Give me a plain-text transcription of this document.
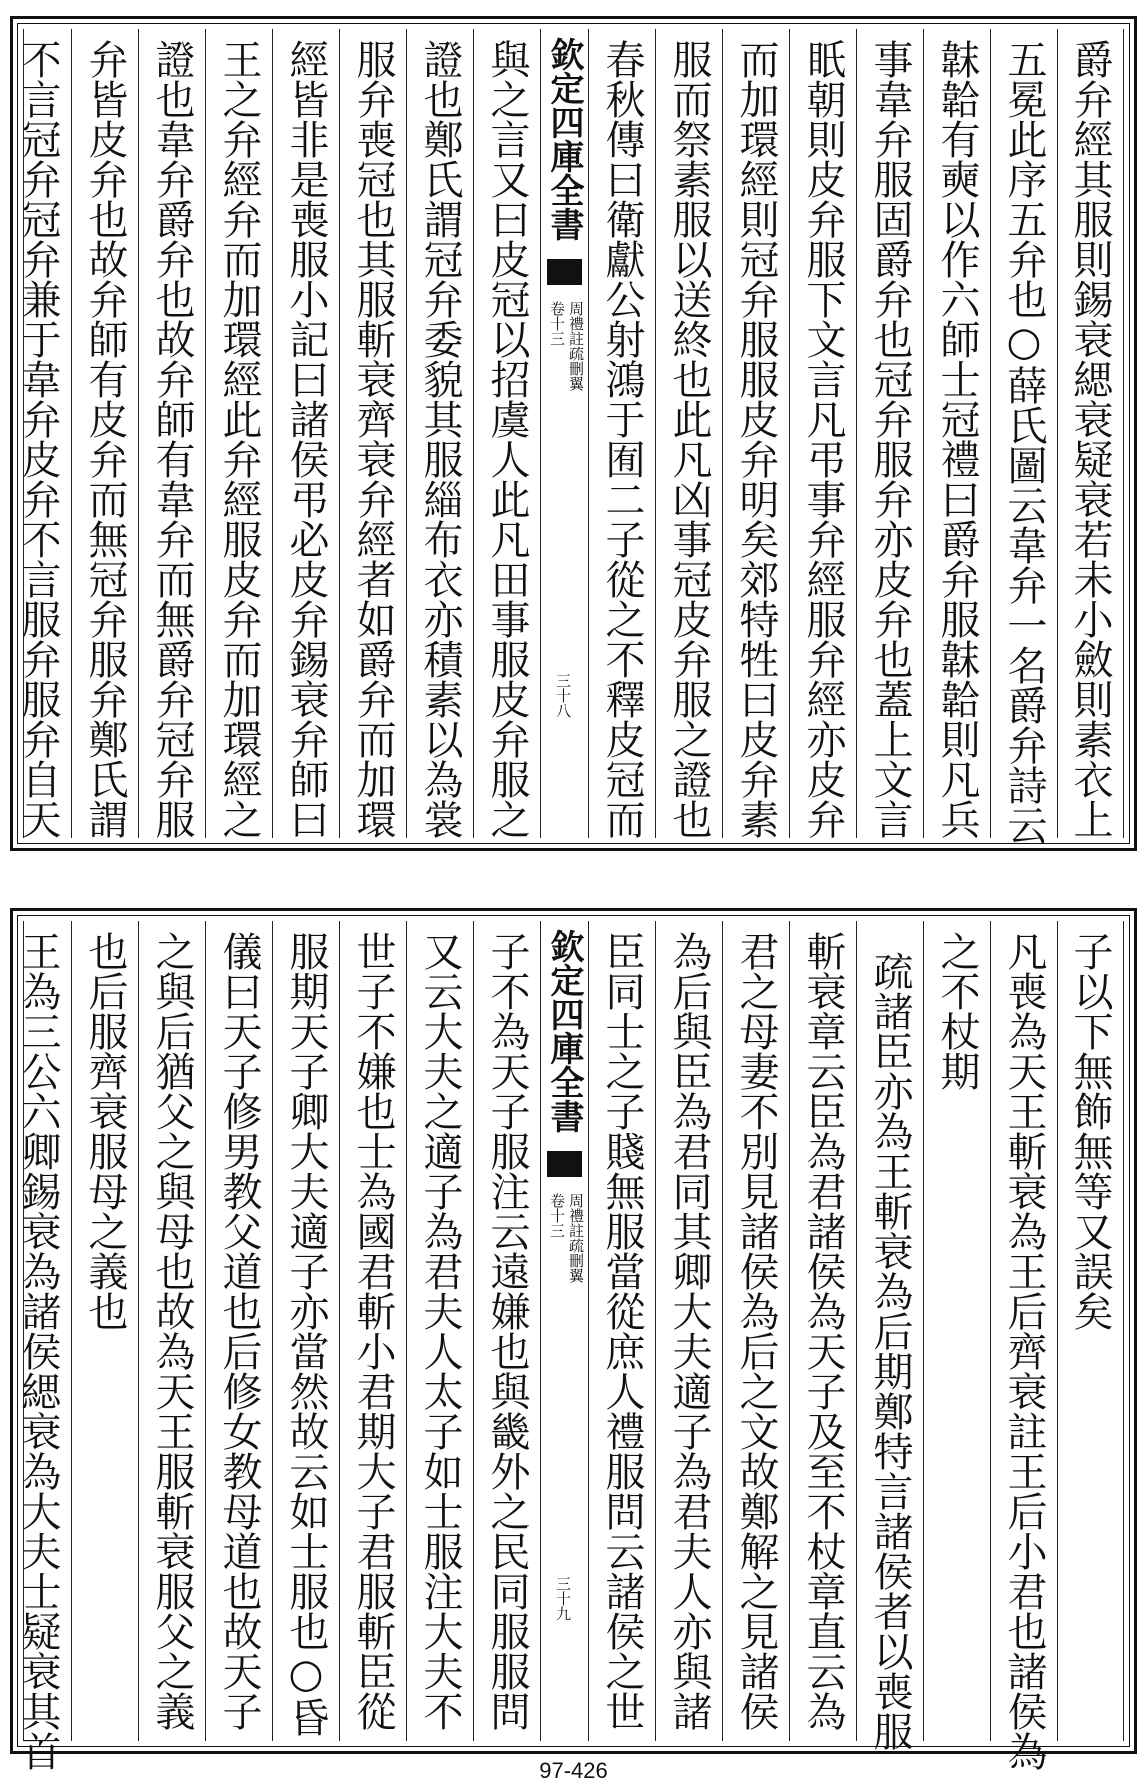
爵弁經其服則錫衰緦衰疑衰若未小斂則素衣上
五冕此序五弁也○薛氏圖云韋弁一名爵弁詩云
韎韐有奭以作六師士冠禮曰爵弁服韎韐則凡兵
事韋弁服固爵弁也冠弁服弁亦皮弁也蓋上文言
眂朝則皮弁服下文言凡弔事弁經服弁經亦皮弁
而加環經則冠弁服服皮弁明矣郊特牲曰皮弁素
服而祭素服以送終也此凡凶事冠皮弁服之證也
春秋傳曰衛獻公射鴻于囿二子從之不釋皮冠而
欽定四庫全書
周禮註疏刪翼
卷十三
三十八
與之言又曰皮冠以招虞人此凡田事服皮弁服之
證也鄭氏謂冠弁委貌其服緇布衣亦積素以為裳
服弁喪冠也其服斬衰齊衰弁經者如爵弁而加環
經皆非是喪服小記曰諸侯弔必皮弁錫衰弁師曰
王之弁經弁而加環經此弁經服皮弁而加環經之
證也韋弁爵弁也故弁師有韋弁而無爵弁冠弁服
弁皆皮弁也故弁師有皮弁而無冠弁服弁鄭氏謂
不言冠弁冠弁兼于韋弁皮弁不言服弁服弁自天
子以下無飾無等又誤矣
凡喪為天王斬衰為王后齊衰註王后小君也諸侯為
之不杖期
疏諸臣亦為王斬衰為后期鄭特言諸侯者以喪服
斬衰章云臣為君諸侯為天子及至不杖章直云為
君之母妻不別見諸侯為后之文故鄭解之見諸侯
為后與臣為君同其卿大夫適子為君夫人亦與諸
臣同士之子賤無服當從庶人禮服問云諸侯之世
欽定四庫全書
周禮註疏刪翼
卷十三
三十九
子不為天子服注云遠嫌也與畿外之民同服服問
又云大夫之適子為君夫人太子如士服注大夫不
世子不嫌也士為國君斬小君期大子君服斬臣從
服期天子卿大夫適子亦當然故云如士服也○昏
儀曰天子修男教父道也后修女教母道也故天子
之與后猶父之與母也故為天王服斬衰服父之義
也后服齊衰服母之義也
王為三公六卿錫衰為諸侯緦衰為大夫士疑衰其首	97-426
